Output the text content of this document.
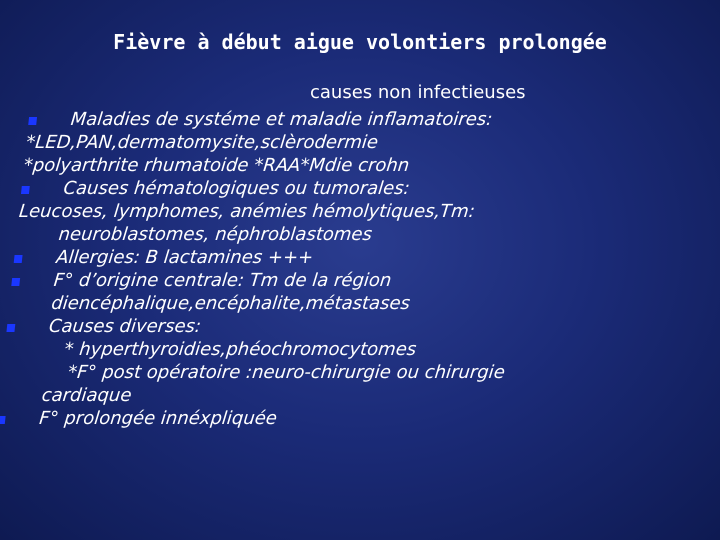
Fièvre à début aigue volontiers prolongée
causes non infectieuses
Maladies de systéme et maladie inflamatoires:
*LED,PAN,dermatomysite,sclèrodermie
*polyarthrite rhumatoide *RAA*Mdie crohn
Causes hématologiques ou tumorales:
Leucoses, lymphomes, anémies hémolytiques,Tm:
neuroblastomes, néphroblastomes
Allergies: B lactamines +++
F° d’origine centrale: Tm de la région
diencéphalique,encéphalite,métastases
Causes diverses:
* hyperthyroidies,phéochromocytomes
*F° post opératoire :neuro-chirurgie ou chirurgie
cardiaque
F° prolongée innéxpliquée
